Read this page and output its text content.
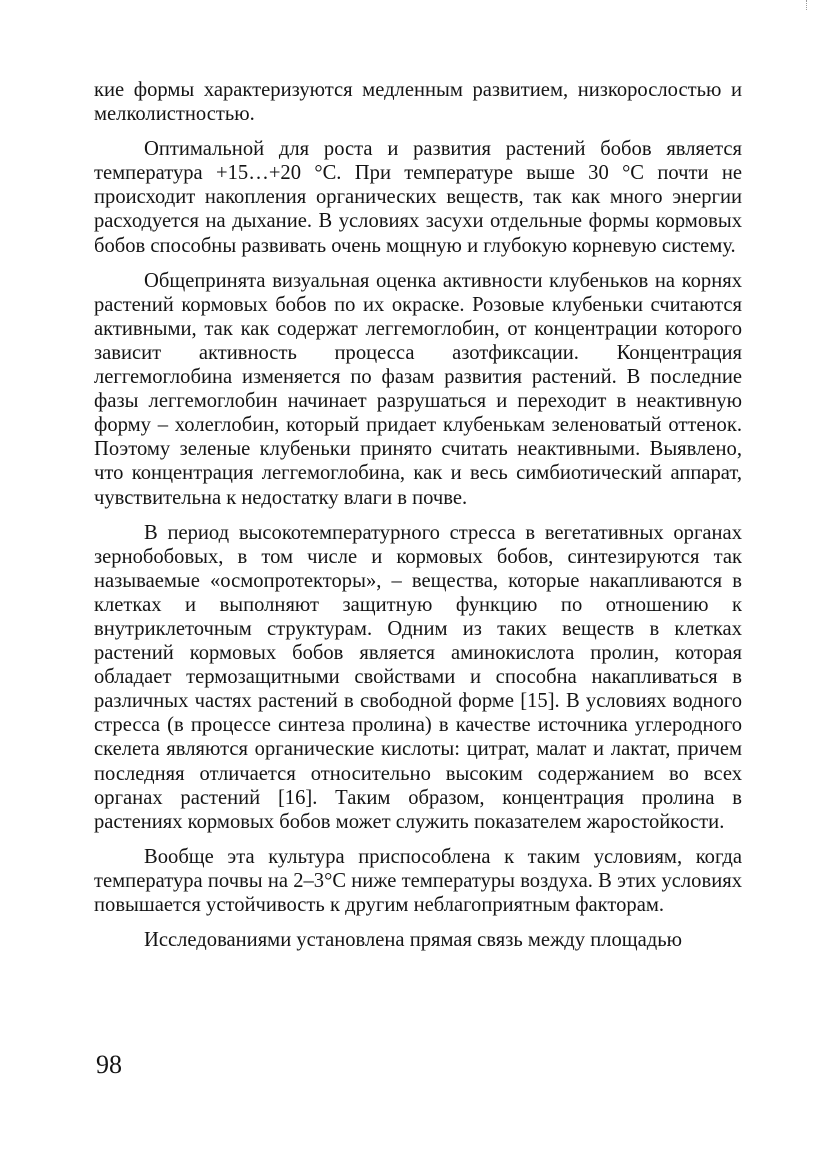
кие формы характеризуются медленным развитием, низкорослостью и мелколистностью.

Оптимальной для роста и развития растений бобов является температура +15…+20 °С. При температуре выше 30 °С почти не происходит накопления органических веществ, так как много энергии расходуется на дыхание. В условиях засухи отдельные формы кормовых бобов способны развивать очень мощную и глубокую корневую систему.

Общепринята визуальная оценка активности клубеньков на корнях растений кормовых бобов по их окраске. Розовые клубеньки считаются активными, так как содержат леггемоглобин, от концентрации которого зависит активность процесса азотфиксации. Концентрация леггемоглобина изменяется по фазам развития растений. В последние фазы леггемоглобин начинает разрушаться и переходит в неактивную форму – холеглобин, который придает клубенькам зеленоватый оттенок. Поэтому зеленые клубеньки принято считать неактивными. Выявлено, что концентрация леггемоглобина, как и весь симбиотический аппарат, чувствительна к недостатку влаги в почве.

В период высокотемпературного стресса в вегетативных органах зернобобовых, в том числе и кормовых бобов, синтезируются так называемые «осмопротекторы», – вещества, которые накапливаются в клетках и выполняют защитную функцию по отношению к внутриклеточным структурам. Одним из таких веществ в клетках растений кормовых бобов является аминокислота пролин, которая обладает термозащитными свойствами и способна накапливаться в различных частях растений в свободной форме [15]. В условиях водного стресса (в процессе синтеза пролина) в качестве источника углеродного скелета являются органические кислоты: цитрат, малат и лактат, причем последняя отличается относительно высоким содержанием во всех органах растений [16]. Таким образом, концентрация пролина в растениях кормовых бобов может служить показателем жаростойкости.

Вообще эта культура приспособлена к таким условиям, когда температура почвы на 2–3°С ниже температуры воздуха. В этих условиях повышается устойчивость к другим неблагоприятным факторам.

Исследованиями установлена прямая связь между площадью

98
